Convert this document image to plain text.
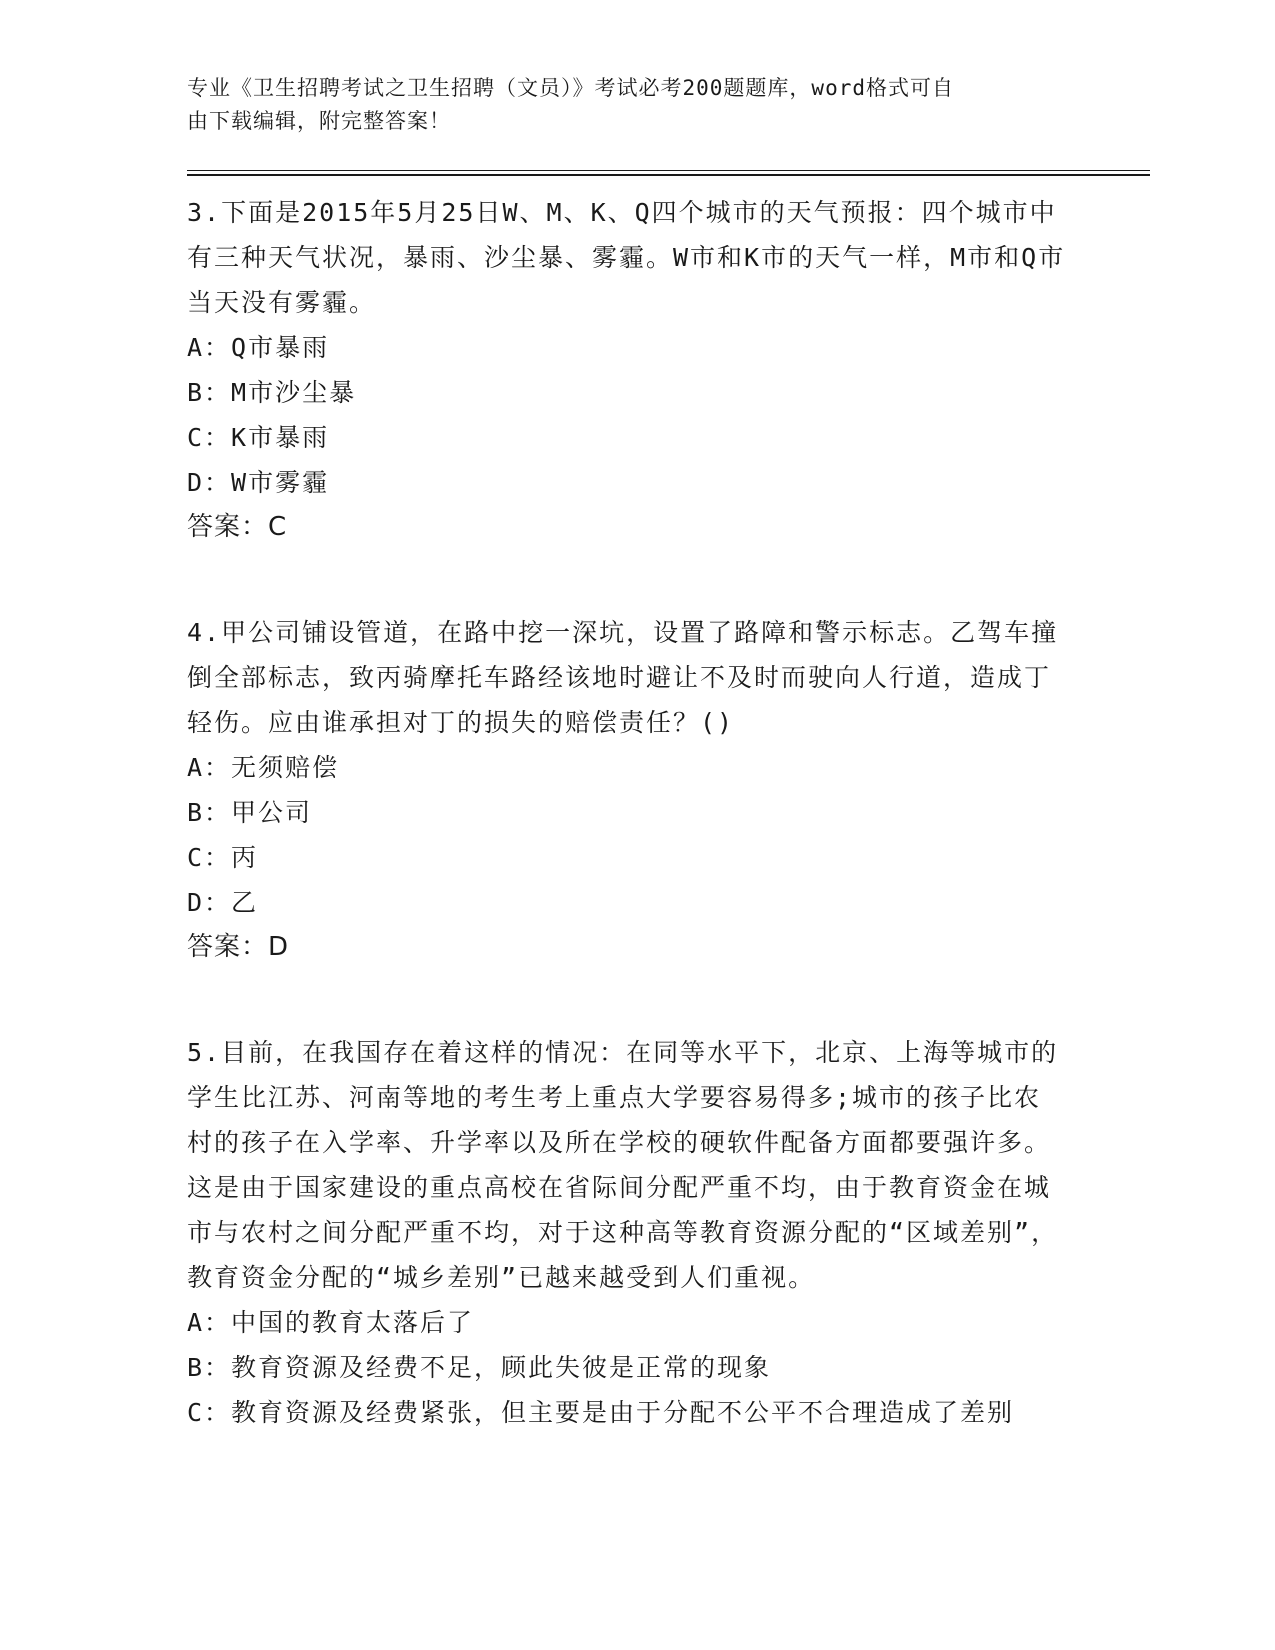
专业《卫生招聘考试之卫生招聘（文员）》考试必考200题题库，word格式可自
由下载编辑，附完整答案！
3.下面是2015年5月25日W、M、K、Q四个城市的天气预报：四个城市中有三种天气状况，暴雨、沙尘暴、雾霾。W市和K市的天气一样，M市和Q市当天没有雾霾。
A：Q市暴雨
B：M市沙尘暴
C：K市暴雨
D：W市雾霾
答案：C
4.甲公司铺设管道，在路中挖一深坑，设置了路障和警示标志。乙驾车撞倒全部标志，致丙骑摩托车路经该地时避让不及时而驶向人行道，造成丁轻伤。应由谁承担对丁的损失的赔偿责任？()
A：无须赔偿
B：甲公司
C：丙
D：乙
答案：D
5.目前，在我国存在着这样的情况：在同等水平下，北京、上海等城市的学生比江苏、河南等地的考生考上重点大学要容易得多;城市的孩子比农村的孩子在入学率、升学率以及所在学校的硬软件配备方面都要强许多。这是由于国家建设的重点高校在省际间分配严重不均，由于教育资金在城市与农村之间分配严重不均，对于这种高等教育资源分配的“区域差别”，教育资金分配的“城乡差别”已越来越受到人们重视。
A：中国的教育太落后了
B：教育资源及经费不足，顾此失彼是正常的现象
C：教育资源及经费紧张，但主要是由于分配不公平不合理造成了差别
